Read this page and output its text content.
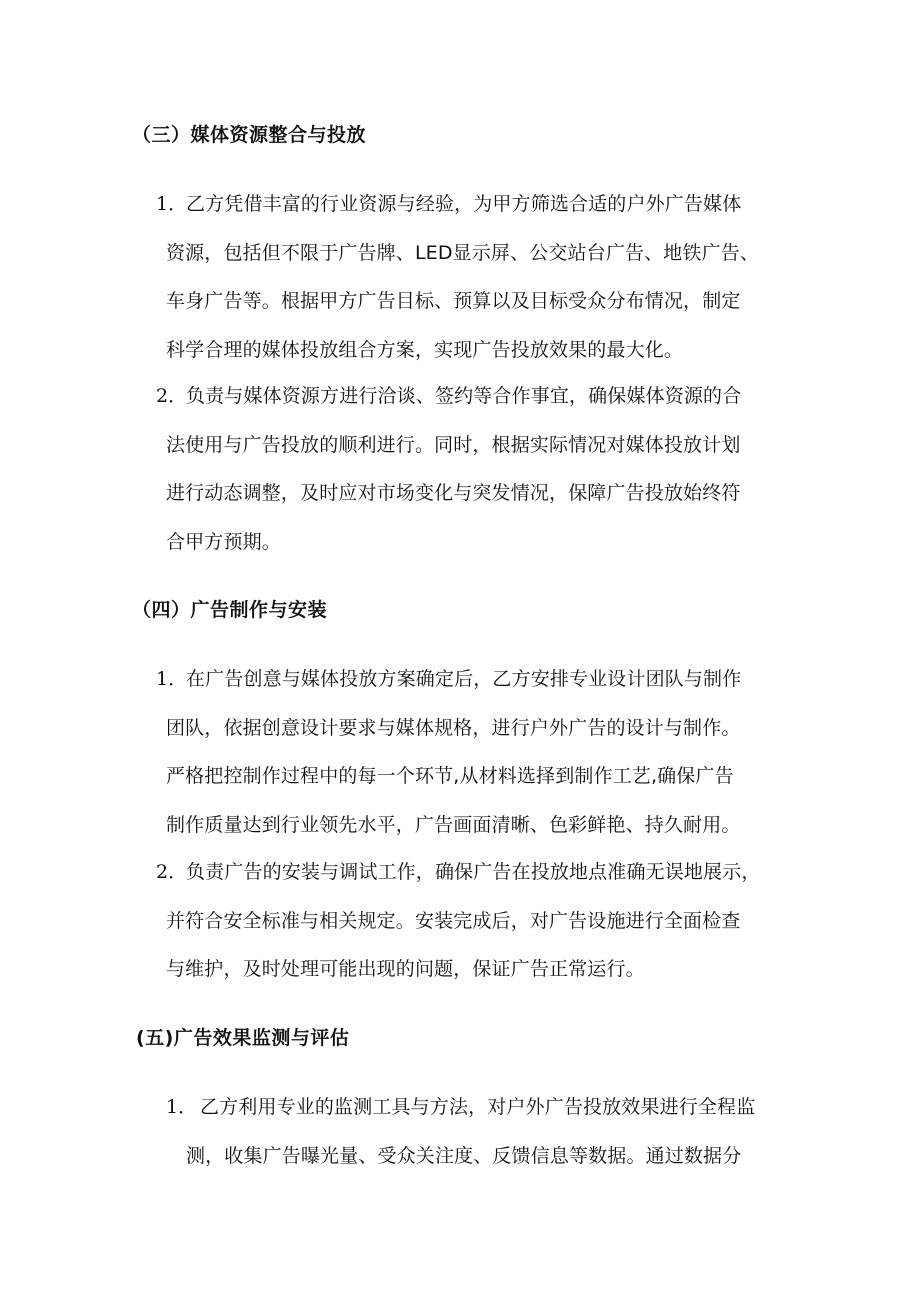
（三）媒体资源整合与投放
1．
乙方凭借丰富的行业资源与经验，为甲方筛选合适的户外广告媒体
资源，包括但不限于广告牌、LED显示屏、公交站台广告、地铁广告、
车身广告等。根据甲方广告目标、预算以及目标受众分布情况，制定
科学合理的媒体投放组合方案，实现广告投放效果的最大化。
2．
负责与媒体资源方进行洽谈、签约等合作事宜，确保媒体资源的合
法使用与广告投放的顺利进行。同时，根据实际情况对媒体投放计划
进行动态调整，及时应对市场变化与突发情况，保障广告投放始终符
合甲方预期。
（四）广告制作与安装
1．
在广告创意与媒体投放方案确定后，乙方安排专业设计团队与制作
团队，依据创意设计要求与媒体规格，进行户外广告的设计与制作。
严格把控制作过程中的每一个环节,从材料选择到制作工艺,确保广告
制作质量达到行业领先水平，广告画面清晰、色彩鲜艳、持久耐用。
2．
负责广告的安装与调试工作，确保广告在投放地点准确无误地展示，
并符合安全标准与相关规定。安装完成后，对广告设施进行全面检查
与维护，及时处理可能出现的问题，保证广告正常运行。
(五)广告效果监测与评估
1． 乙方利用专业的监测工具与方法，对户外广告投放效果进行全程监
测，收集广告曝光量、受众关注度、反馈信息等数据。通过数据分
